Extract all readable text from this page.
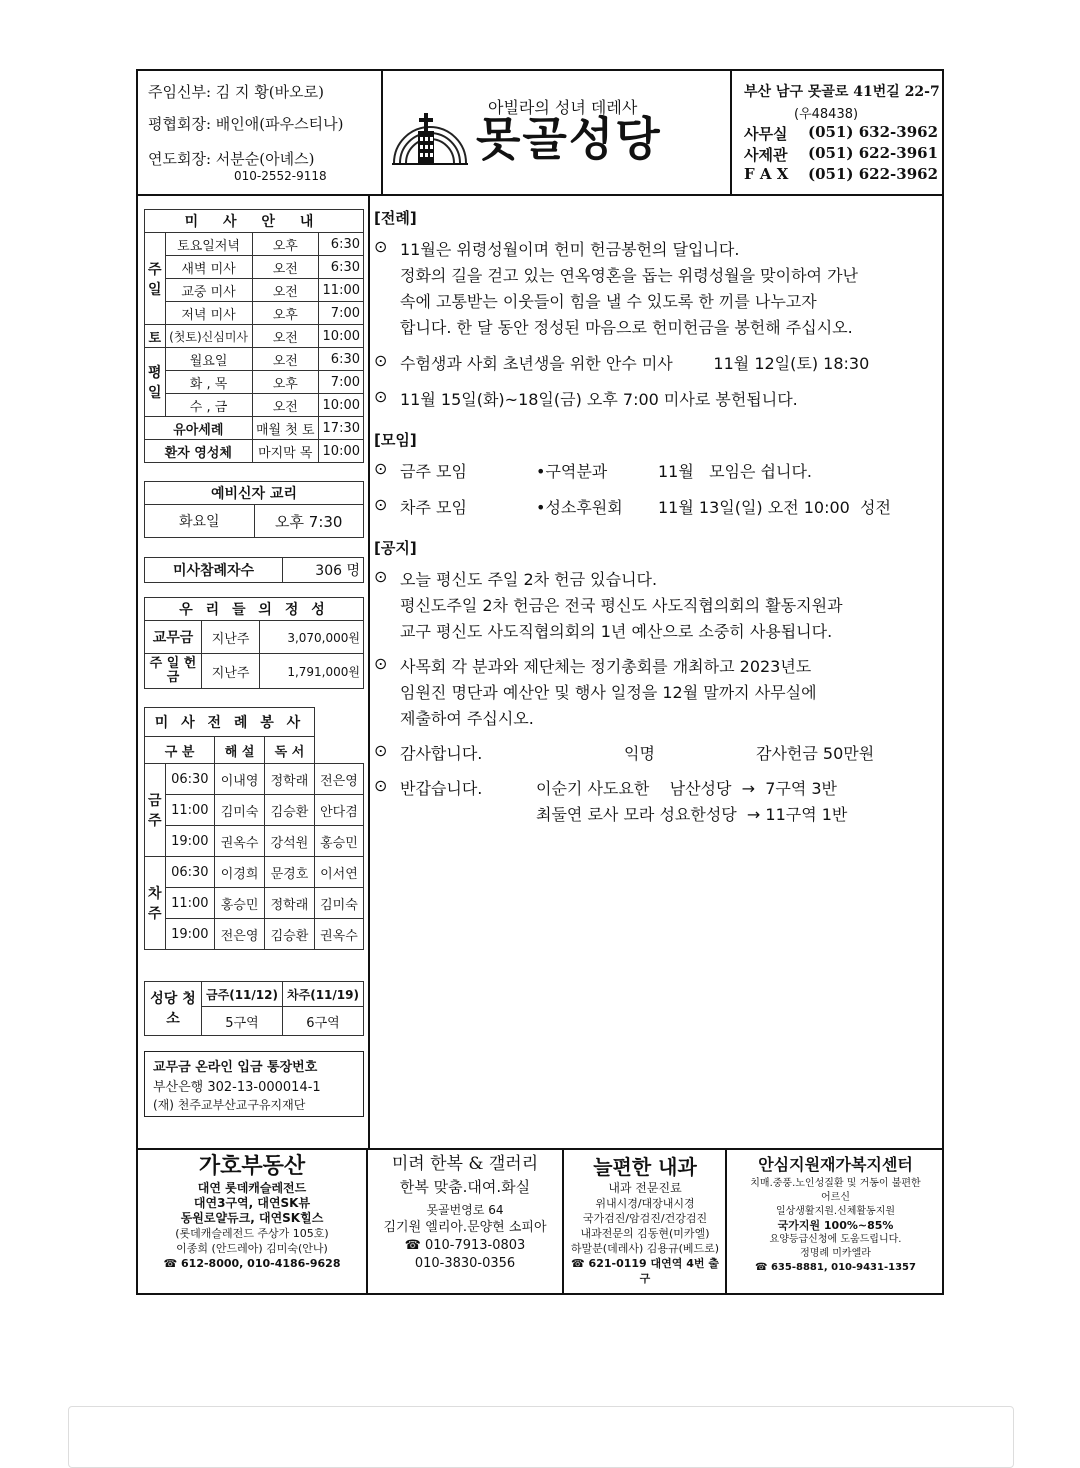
주임신부: 김 지 황(바오로)
평협회장: 배인애(파우스티나)
연도회장: 서분순(아녜스)
010-2552-9118
아빌라의 성녀 데레사
못골성당
부산 남구 못골로 41번길 22-7
(우48438)
사무실 (051) 632-3962
사제관 (051) 622-3961
F A X (051) 622-3962
미 사 안 내			
주일	토요일저녁	오후	6:30
	새벽 미사	오전	6:30
	교중 미사	오전	11:00
	저녁 미사	오후	7:00
토	(첫토)신심미사	오전	10:00
평일	월요일	오전	6:30
	화 , 목	오후	7:00
	수 , 금	오전	10:00
유아세례		매월 첫 토	17:30
환자 영성체		마지막 목	10:00
예비신자 교리
화요일	오후 7:30
미사참례자수	306 명
우 리 들 의 정 성		
교무금	지난주	3,070,000원
주 일 헌 금	지난주	1,791,000원
미 사 전 례 봉 사				
구 분		해 설	독 서	
금주	06:30	이내영	정학래	전은영
	11:00	김미숙	김승환	안다겸
	19:00	권옥수	강석원	홍승민
차주	06:30	이경희	문경호	이서연
	11:00	홍승민	정학래	김미숙
	19:00	전은영	김승환	권옥수
성당 청소	금주(11/12)	차주(11/19)
	5구역	6구역
교무금 온라인 입금 통장번호
부산은행 302-13-000014-1
(재) 천주교부산교구유지재단
[전례]
⊙ 11월은 위령성월이며 헌미 헌금봉헌의 달입니다.
정화의 길을 걷고 있는 연옥영혼을 돕는 위령성월을 맞이하여 가난
속에 고통받는 이웃들이 힘을 낼 수 있도록 한 끼를 나누고자
합니다. 한 달 동안 정성된 마음으로 헌미헌금을 봉헌해 주십시오.
⊙ 수험생과 사회 초년생을 위한 안수 미사        11월 12일(토) 18:30
⊙ 11월 15일(화)~18일(금) 오후 7:00 미사로 봉헌됩니다.
[모임]
⊙ 금주 모임	•구역분과	11월   모임은 쉽니다.
⊙ 차주 모임	•성소후원회 11월 13일(일) 오전 10:00  성전
[공지]
⊙ 오늘 평신도 주일 2차 헌금 있습니다.
평신도주일 2차 헌금은 전국 평신도 사도직협의회의 활동지원과
교구 평신도 사도직협의회의 1년 예산으로 소중히 사용됩니다.
⊙ 사목회 각 분과와 제단체는 정기총회를 개최하고 2023년도
임원진 명단과 예산안 및 행사 일정을 12월 말까지 사무실에
제출하여 주십시오.
⊙ 감사합니다.	익명	감사헌금 50만원
⊙ 반갑습니다.	이순기 사도요한    남산성당  →  7구역 3반
최둘연 로사 모라 성요한성당  → 11구역 1반
가호부동산
대연 롯데캐슬레전드
대연3구역, 대연SK뷰
동원로얄듀크, 대연SK힐스
(롯데캐슬레전드 주상가 105호)
이종희 (안드레아) 김미숙(안나)
☎ 612-8000, 010-4186-9628
미려 한복 & 갤러리
한복 맞춤.대여.화실
못골번영로 64
김기원 엘리아.문양현 소피아
☎ 010-7913-0803
010-3830-0356
늘편한 내과
내과 전문진료
위내시경/대장내시경
국가검진/암검진/건강검진
내과전문의 김동현(미카엘)
하말분(데레사) 김용규(베드로)
☎ 621-0119 대연역 4번 출구
안심지원재가복지센터
치매.중풍.노인성질환 및 거동이 불편한
어르신
일상생활지원.신체활동지원
국가지원 100%~85%
요양등급신청에 도움드립니다.
정명례 미카엘라
☎ 635-8881, 010-9431-1357
